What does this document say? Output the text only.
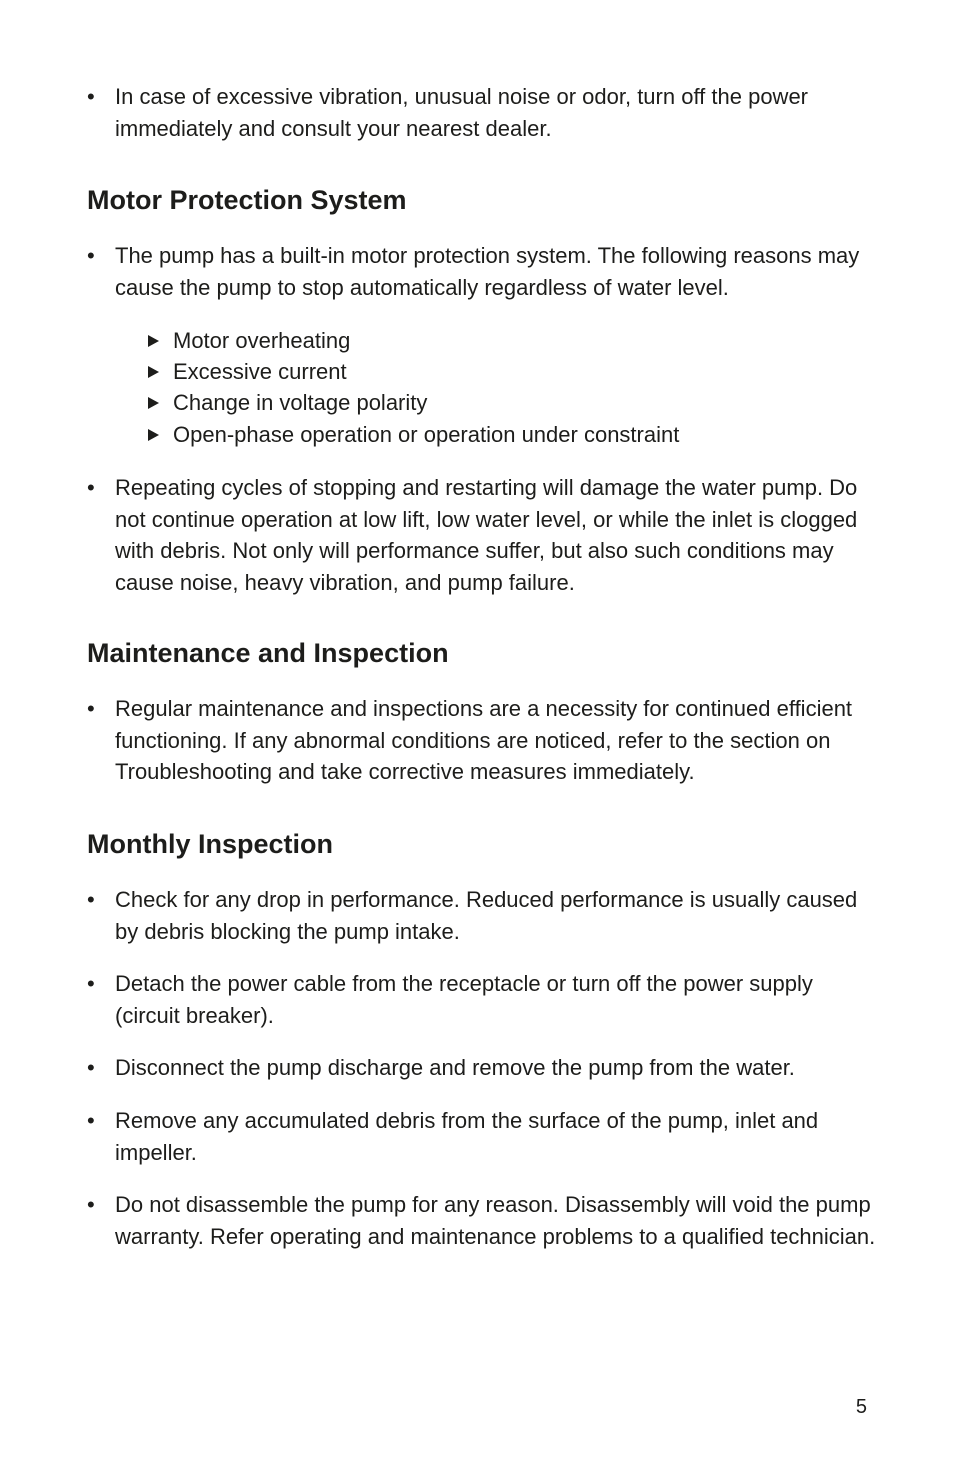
• In case of excessive vibration, unusual noise or odor, turn off the power immediately and consult your nearest dealer.
Motor Protection System
• The pump has a built-in motor protection system. The following reasons may cause the pump to stop automatically regardless of water level.
Motor overheating
Excessive current
Change in voltage polarity
Open-phase operation or operation under constraint
• Repeating cycles of stopping and restarting will damage the water pump. Do not continue operation at low lift, low water level, or while the inlet is clogged with debris. Not only will performance suffer, but also such conditions may cause noise, heavy vibration, and pump failure.
Maintenance and Inspection
• Regular maintenance and inspections are a necessity for continued efficient functioning. If any abnormal conditions are noticed, refer to the section on Troubleshooting and take corrective measures immediately.
Monthly Inspection
• Check for any drop in performance. Reduced performance is usually caused by debris blocking the pump intake.
• Detach the power cable from the receptacle or turn off the power supply (circuit breaker).
• Disconnect the pump discharge and remove the pump from the water.
• Remove any accumulated debris from the surface of the pump, inlet and impeller.
• Do not disassemble the pump for any reason. Disassembly will void the pump warranty. Refer operating and maintenance problems to a qualified technician.
5
